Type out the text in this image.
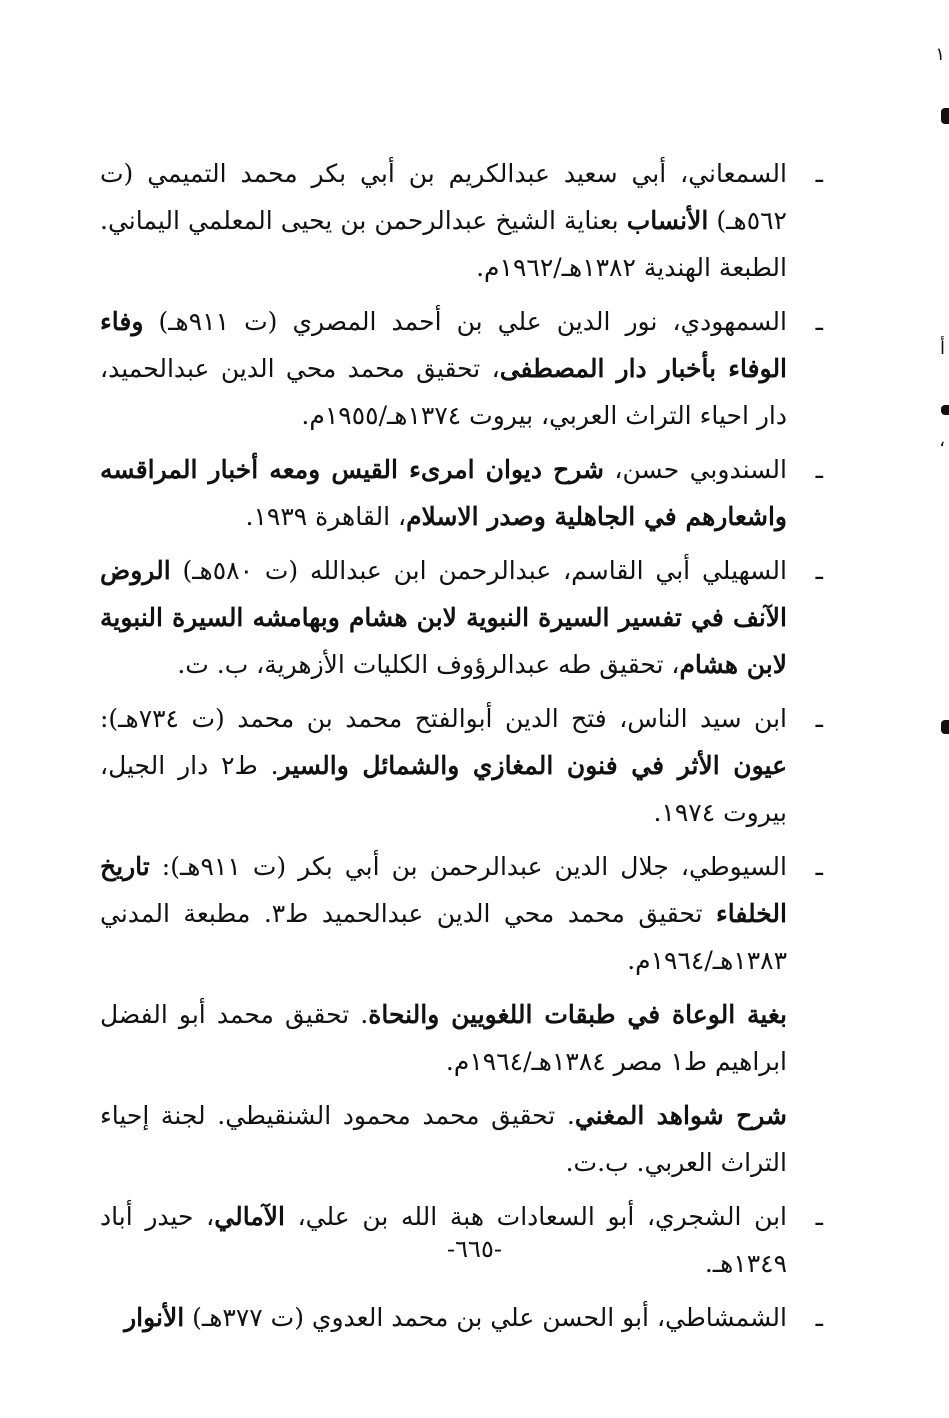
١
أ
،

ـ
السمعاني، أبي سعيد عبدالكريم بن أبي بكر محمد التميمي (ت ٥٦٢هـ) الأنساب بعناية الشيخ عبدالرحمن بن يحيى المعلمي اليماني. الطبعة الهندية ١٣٨٢هـ/١٩٦٢م.

ـ
السمهودي، نور الدين علي بن أحمد المصري (ت ٩١١هـ) وفاء الوفاء بأخبار دار المصطفى، تحقيق محمد محي الدين عبدالحميد، دار احياء التراث العربي، بيروت ١٣٧٤هـ/١٩٥٥م.

ـ
السندوبي حسن، شرح ديوان امرىء القيس ومعه أخبار المراقسه واشعارهم في الجاهلية وصدر الاسلام، القاهرة ١٩٣٩.

ـ
السهيلي أبي القاسم، عبدالرحمن ابن عبدالله (ت ٥٨٠هـ) الروض الآنف في تفسير السيرة النبوية لابن هشام وبهامشه السيرة النبوية لابن هشام، تحقيق طه عبدالرؤوف الكليات الأزهرية، ب. ت.

ـ
ابن سيد الناس، فتح الدين أبوالفتح محمد بن محمد (ت ٧٣٤هـ): عيون الأثر في فنون المغازي والشمائل والسير. ط٢ دار الجيل، بيروت ١٩٧٤.

ـ
السيوطي، جلال الدين عبدالرحمن بن أبي بكر (ت ٩١١هـ): تاريخ الخلفاء تحقيق محمد محي الدين عبدالحميد ط٣. مطبعة المدني ١٣٨٣هـ/١٩٦٤م.

بغية الوعاة في طبقات اللغويين والنحاة. تحقيق محمد أبو الفضل ابراهيم ط١ مصر ١٣٨٤هـ/١٩٦٤م.

شرح شواهد المغني. تحقيق محمد محمود الشنقيطي. لجنة إحياء التراث العربي. ب.ت.

ـ
ابن الشجري، أبو السعادات هبة الله بن علي، الآمالي، حيدر أباد ١٣٤٩هـ.

ـ
الشمشاطي، أبو الحسن علي بن محمد العدوي (ت ٣٧٧هـ) الأنوار

-٦٦٥-
